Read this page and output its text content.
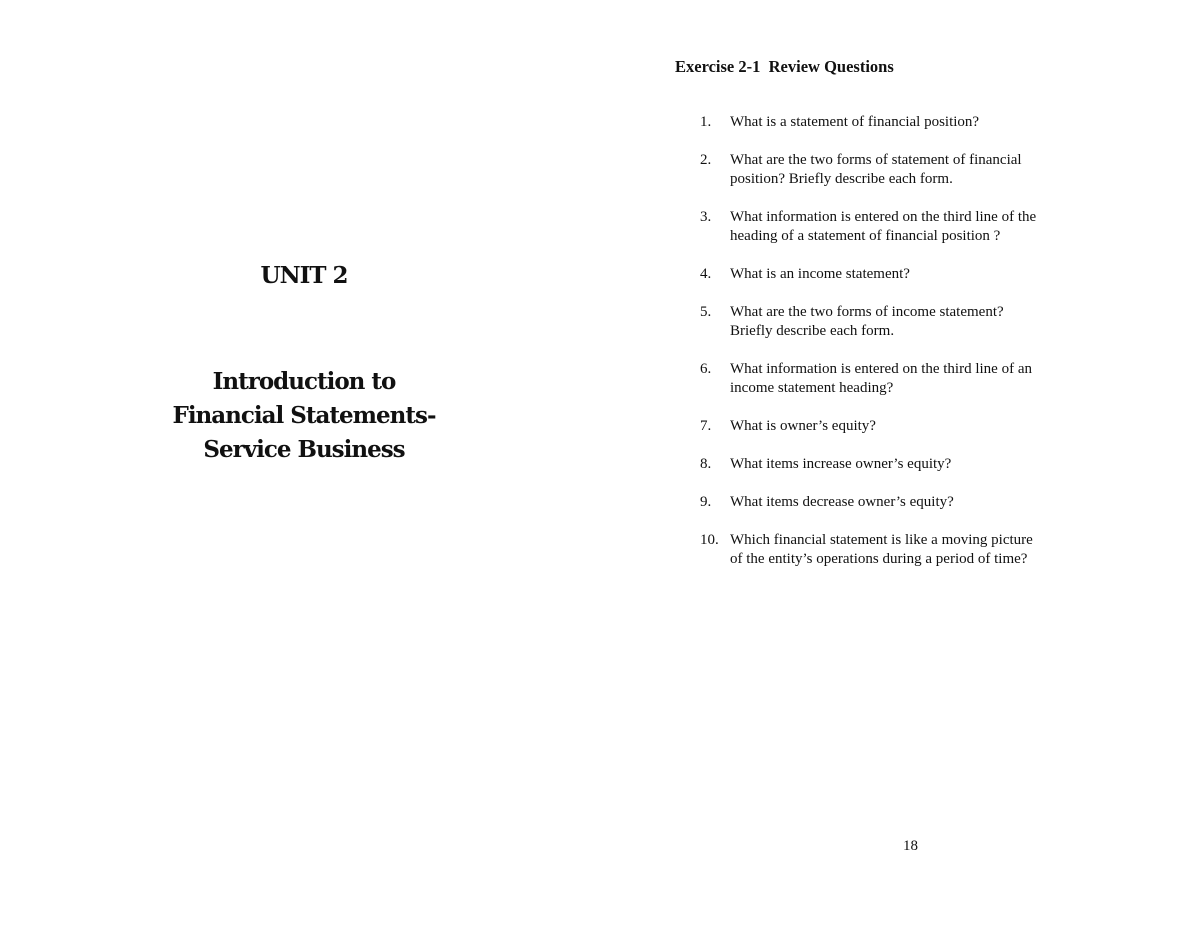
UNIT 2
Introduction to
Financial Statements-
Service Business
Exercise 2-1  Review Questions
1. What is a statement of financial position?
2. What are the two forms of statement of financial
position? Briefly describe each form.
3. What information is entered on the third line of the
heading of a statement of financial position ?
4. What is an income statement?
5. What are the two forms of income statement?
Briefly describe each form.
6. What information is entered on the third line of an
income statement heading?
7. What is owner’s equity?
8. What items increase owner’s equity?
9. What items decrease owner’s equity?
10. Which financial statement is like a moving picture
of the entity’s operations during a period of time?
18
